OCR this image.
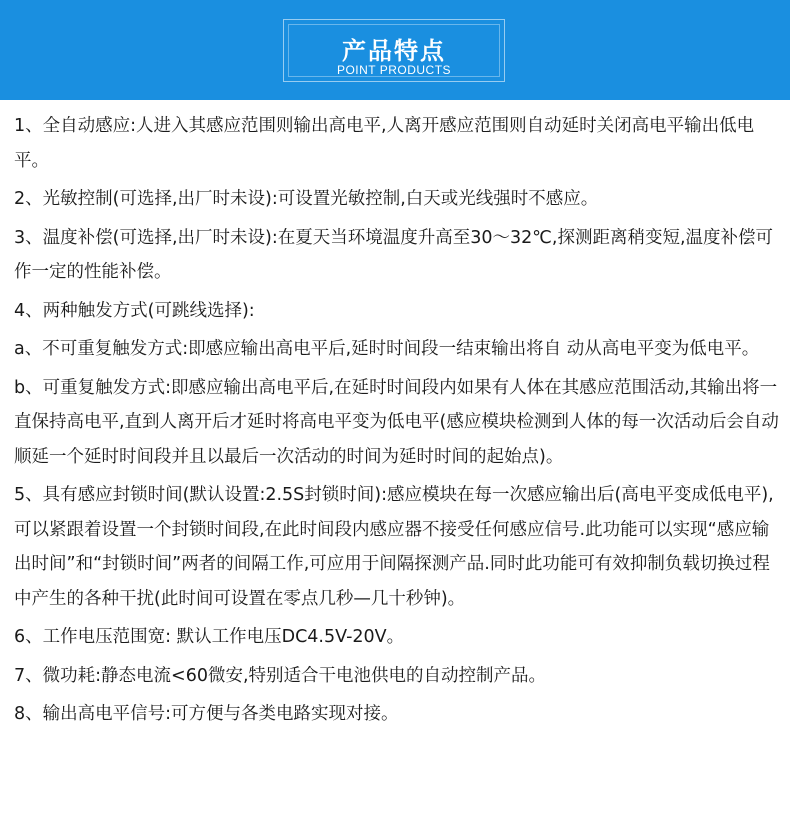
产品特点
POINT PRODUCTS

1、全自动感应:人进入其感应范围则输出高电平,人离开感应范围则自动延时关闭高电平输出低电平。

2、光敏控制(可选择,出厂时未设):可设置光敏控制,白天或光线强时不感应。

3、温度补偿(可选择,出厂时未设):在夏天当环境温度升高至30～32℃,探测距离稍变短,温度补偿可作一定的性能补偿。

4、两种触发方式(可跳线选择):

a、不可重复触发方式:即感应输出高电平后,延时时间段一结束输出将自 动从高电平变为低电平。

b、可重复触发方式:即感应输出高电平后,在延时时间段内如果有人体在其感应范围活动,其输出将一直保持高电平,直到人离开后才延时将高电平变为低电平(感应模块检测到人体的每一次活动后会自动顺延一个延时时间段并且以最后一次活动的时间为延时时间的起始点)。

5、具有感应封锁时间(默认设置:2.5S封锁时间):感应模块在每一次感应输出后(高电平变成低电平),可以紧跟着设置一个封锁时间段,在此时间段内感应器不接受任何感应信号.此功能可以实现“感应输出时间”和“封锁时间”两者的间隔工作,可应用于间隔探测产品.同时此功能可有效抑制负载切换过程中产生的各种干扰(此时间可设置在零点几秒—几十秒钟)。

6、工作电压范围宽: 默认工作电压DC4.5V-20V。

7、微功耗:静态电流<60微安,特别适合干电池供电的自动控制产品。

8、输出高电平信号:可方便与各类电路实现对接。
